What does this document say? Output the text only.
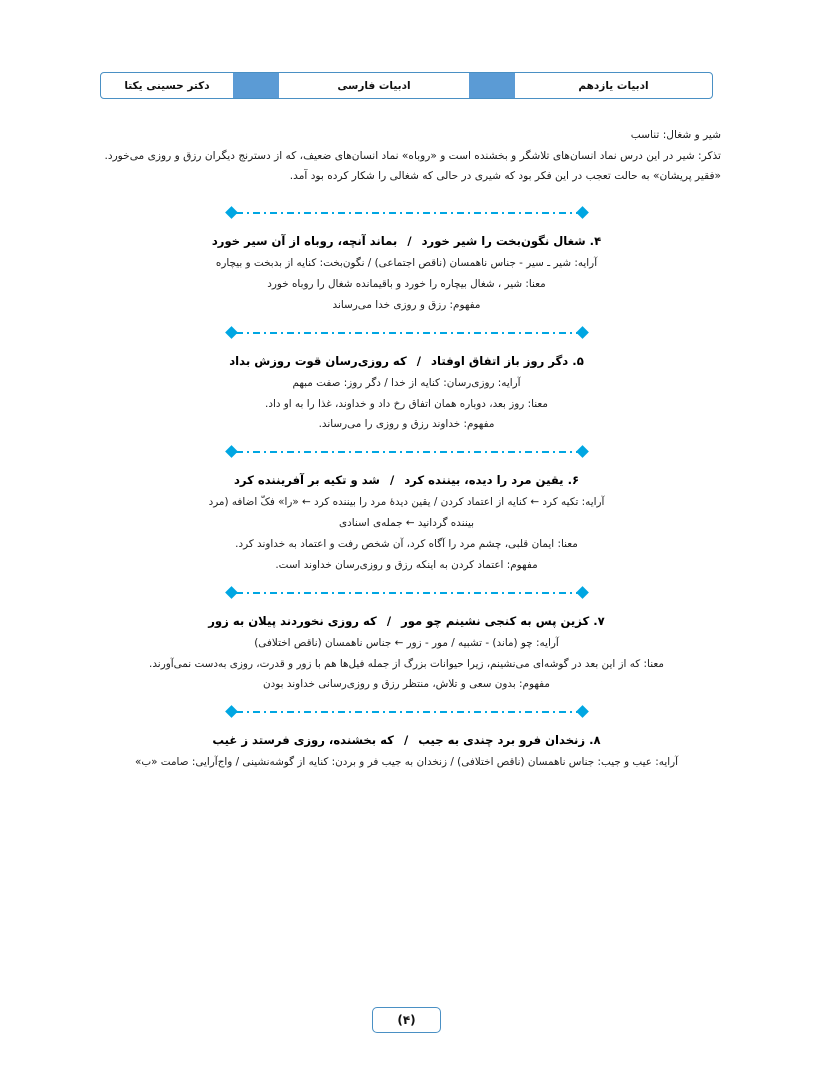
ادبیات یازدهم
ادبیات فارسی
دکتر حسینی یکتا
شیر و شغال: تناسب
تذکر: شیر در این درس نماد انسان‌های تلاشگر و بخشنده است و «روباه» نماد انسان‌های ضعیف، که از دسترنج دیگران رزق و روزی می‌خورد.
«فقیر پریشان» به حالت تعجب در این فکر بود که شیری در حالی که شغالی را شکار کرده بود آمد.
۴. شغال نگون‌بخت را شیر خورد / بماند آنچه، روباه از آن سیر خورد
آرایه: شیر ـ سیر - جناس ناهمسان (ناقص اجتماعی) / نگون‌بخت: کنایه از بدبخت و بیچاره
معنا: شیر ، شغال بیچاره را خورد و باقیمانده شغال را روباه خورد
مفهوم: رزق و روزی خدا می‌رساند
۵. دگر روز باز اتفاق اوفتاد / که روزی‌رسان قوت روزش بداد
آرایه: روزی‌رسان: کنایه از خدا / دگر روز: صفت مبهم
معنا: روز بعد، دوباره همان اتفاق رخ داد و خداوند، غذا را به او داد.
مفهوم: خداوند رزق و روزی را می‌رساند.
۶. یقین مرد را دیده، بیننده کرد / شد و تکیه بر آفریننده کرد
آرایه: تکیه کرد ← کنایه از اعتماد کردن / یقین دیدهٔ مرد را بیننده کرد ← «را» فکّ اضافه (مرد
بیننده گردانید ← جمله‌ی اسنادی
معنا: ایمان قلبی، چشم مرد را آگاه کرد، آن شخص رفت و اعتماد به خداوند کرد.
مفهوم: اعتماد کردن به اینکه رزق و روزی‌رسان خداوند است.
۷. کزین پس به کنجی نشینم چو مور / که روزی نخوردند پیلان به زور
آرایه: چو (ماند) - تشبیه / مور - زور ← جناس ناهمسان (ناقص اختلافی)
معنا: که از این بعد در گوشه‌ای می‌نشینم، زیرا حیوانات بزرگ از جمله فیل‌ها هم با زور و قدرت، روزی به‌دست نمی‌آورند.
مفهوم: بدون سعی و تلاش، منتظر رزق و روزی‌رسانی خداوند بودن
۸. زنخدان فرو برد چندی به جیب / که بخشنده، روزی فرستد ز غیب
آرایه: عیب و جیب: جناس ناهمسان (ناقص اختلافی) / زنخدان به جیب فر و بردن: کنایه از گوشه‌نشینی / واج‌آرایی: صامت «ب»
(۴)
